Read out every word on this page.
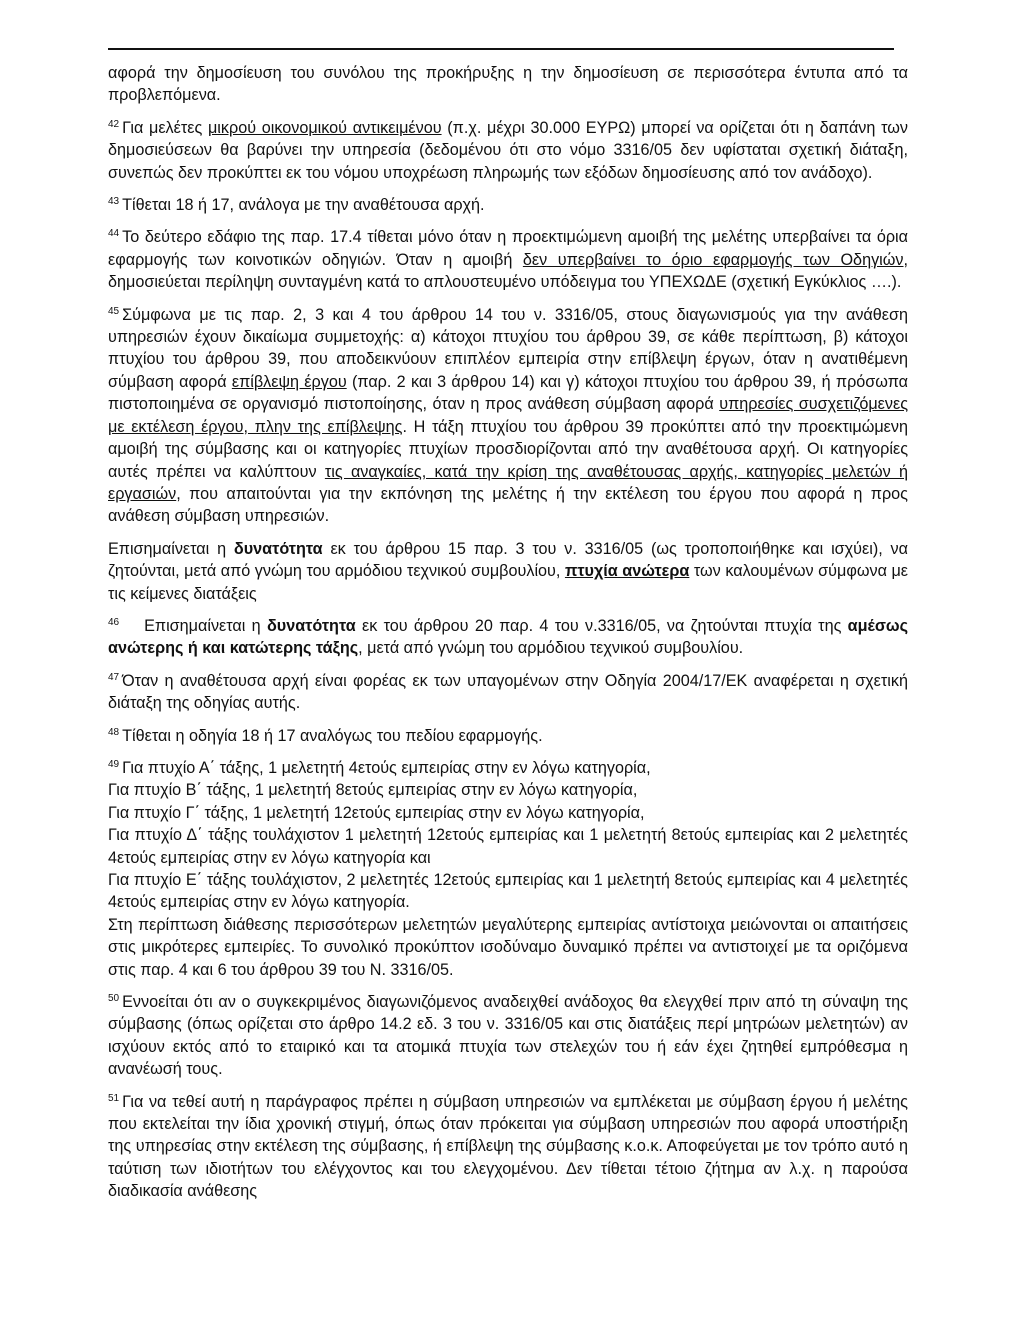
αφορά την δημοσίευση του συνόλου της προκήρυξης η την δημοσίευση σε περισσότερα έντυπα από τα προβλεπόμενα.

$^{42}$ Για μελέτες μικρού οικονομικού αντικειμένου (π.χ. μέχρι 30.000 ΕΥΡΩ) μπορεί να ορίζεται ότι η δαπάνη των δημοσιεύσεων θα βαρύνει την υπηρεσία (δεδομένου ότι στο νόμο 3316/05 δεν υφίσταται σχετική διάταξη, συνεπώς δεν προκύπτει εκ του νόμου υποχρέωση πληρωμής των εξόδων δημοσίευσης από τον ανάδοχο).

$^{43}$ Τίθεται 18 ή 17, ανάλογα με την αναθέτουσα αρχή.

$^{44}$ Το δεύτερο εδάφιο της παρ. 17.4 τίθεται μόνο όταν η προεκτιμώμενη αμοιβή της μελέτης υπερβαίνει τα όρια εφαρμογής των κοινοτικών οδηγιών. Όταν η αμοιβή δεν υπερβαίνει το όριο εφαρμογής των Οδηγιών, δημοσιεύεται περίληψη συνταγμένη κατά το απλουστευμένο υπόδειγμα του ΥΠΕΧΩΔΕ (σχετική Εγκύκλιος ….).

$^{45}$ Σύμφωνα με τις παρ. 2, 3 και 4 του άρθρου 14 του ν. 3316/05, στους διαγωνισμούς για την ανάθεση υπηρεσιών έχουν δικαίωμα συμμετοχής: α) κάτοχοι πτυχίου του άρθρου 39, σε κάθε περίπτωση, β) κάτοχοι πτυχίου του άρθρου 39, που αποδεικνύουν επιπλέον εμπειρία στην επίβλεψη έργων, όταν η ανατιθέμενη σύμβαση αφορά επίβλεψη έργου (παρ. 2 και 3 άρθρου 14) και γ) κάτοχοι πτυχίου του άρθρου 39, ή πρόσωπα πιστοποιημένα σε οργανισμό πιστοποίησης, όταν η προς ανάθεση σύμβαση αφορά υπηρεσίες συσχετιζόμενες με εκτέλεση έργου, πλην της επίβλεψης. Η τάξη πτυχίου του άρθρου 39 προκύπτει από την προεκτιμώμενη αμοιβή της σύμβασης και οι κατηγορίες πτυχίων προσδιορίζονται από την αναθέτουσα αρχή. Οι κατηγορίες αυτές πρέπει να καλύπτουν τις αναγκαίες, κατά την κρίση της αναθέτουσας αρχής, κατηγορίες μελετών ή εργασιών, που απαιτούνται για την εκπόνηση της μελέτης ή την εκτέλεση του έργου που αφορά η προς ανάθεση σύμβαση υπηρεσιών.

Επισημαίνεται η δυνατότητα εκ του άρθρου 15 παρ. 3 του ν. 3316/05 (ως τροποποιήθηκε και ισχύει), να ζητούνται, μετά από γνώμη του αρμόδιου τεχνικού συμβουλίου, πτυχία ανώτερα των καλουμένων σύμφωνα με τις κείμενες διατάξεις

$^{46}$ Επισημαίνεται η δυνατότητα εκ του άρθρου 20 παρ. 4 του ν.3316/05, να ζητούνται πτυχία της αμέσως ανώτερης ή και κατώτερης τάξης, μετά από γνώμη του αρμόδιου τεχνικού συμβουλίου.

$^{47}$ Όταν η αναθέτουσα αρχή είναι φορέας εκ των υπαγομένων στην Οδηγία 2004/17/ΕΚ αναφέρεται η σχετική διάταξη της οδηγίας αυτής.

$^{48}$ Τίθεται η οδηγία 18 ή 17 αναλόγως του πεδίου εφαρμογής.

$^{49}$ Για πτυχίο Α΄ τάξης, 1 μελετητή 4ετούς εμπειρίας στην εν λόγω κατηγορία,
Για πτυχίο Β΄ τάξης, 1 μελετητή 8ετούς εμπειρίας στην εν λόγω κατηγορία,
Για πτυχίο Γ΄ τάξης, 1 μελετητή 12ετούς εμπειρίας στην εν λόγω κατηγορία,
Για πτυχίο Δ΄ τάξης τουλάχιστον 1 μελετητή 12ετούς εμπειρίας και 1 μελετητή 8ετούς εμπειρίας και 2 μελετητές 4ετούς εμπειρίας στην εν λόγω κατηγορία και
Για πτυχίο Ε΄ τάξης τουλάχιστον, 2 μελετητές 12ετούς εμπειρίας και 1 μελετητή 8ετούς εμπειρίας και 4 μελετητές 4ετούς εμπειρίας στην εν λόγω κατηγορία.
Στη περίπτωση διάθεσης περισσότερων μελετητών μεγαλύτερης εμπειρίας αντίστοιχα μειώνονται οι απαιτήσεις στις μικρότερες εμπειρίες. Το συνολικό προκύπτον ισοδύναμο δυναμικό πρέπει να αντιστοιχεί με τα οριζόμενα στις παρ. 4 και 6 του άρθρου 39 του Ν. 3316/05.

$^{50}$ Εννοείται ότι αν ο συγκεκριμένος διαγωνιζόμενος αναδειχθεί ανάδοχος θα ελεγχθεί πριν από τη σύναψη της σύμβασης (όπως ορίζεται στο άρθρο 14.2 εδ. 3 του ν. 3316/05 και στις διατάξεις περί μητρώων μελετητών) αν ισχύουν εκτός από το εταιρικό και τα ατομικά πτυχία των στελεχών του ή εάν έχει ζητηθεί εμπρόθεσμα η ανανέωσή τους.

$^{51}$ Για να τεθεί αυτή η παράγραφος πρέπει η σύμβαση υπηρεσιών να εμπλέκεται με σύμβαση έργου ή μελέτης που εκτελείται την ίδια χρονική στιγμή, όπως όταν πρόκειται για σύμβαση υπηρεσιών που αφορά υποστήριξη της υπηρεσίας στην εκτέλεση της σύμβασης, ή επίβλεψη της σύμβασης κ.ο.κ. Αποφεύγεται με τον τρόπο αυτό η ταύτιση των ιδιοτήτων του ελέγχοντος και του ελεγχομένου. Δεν τίθεται τέτοιο ζήτημα αν λ.χ. η παρούσα διαδικασία ανάθεσης
